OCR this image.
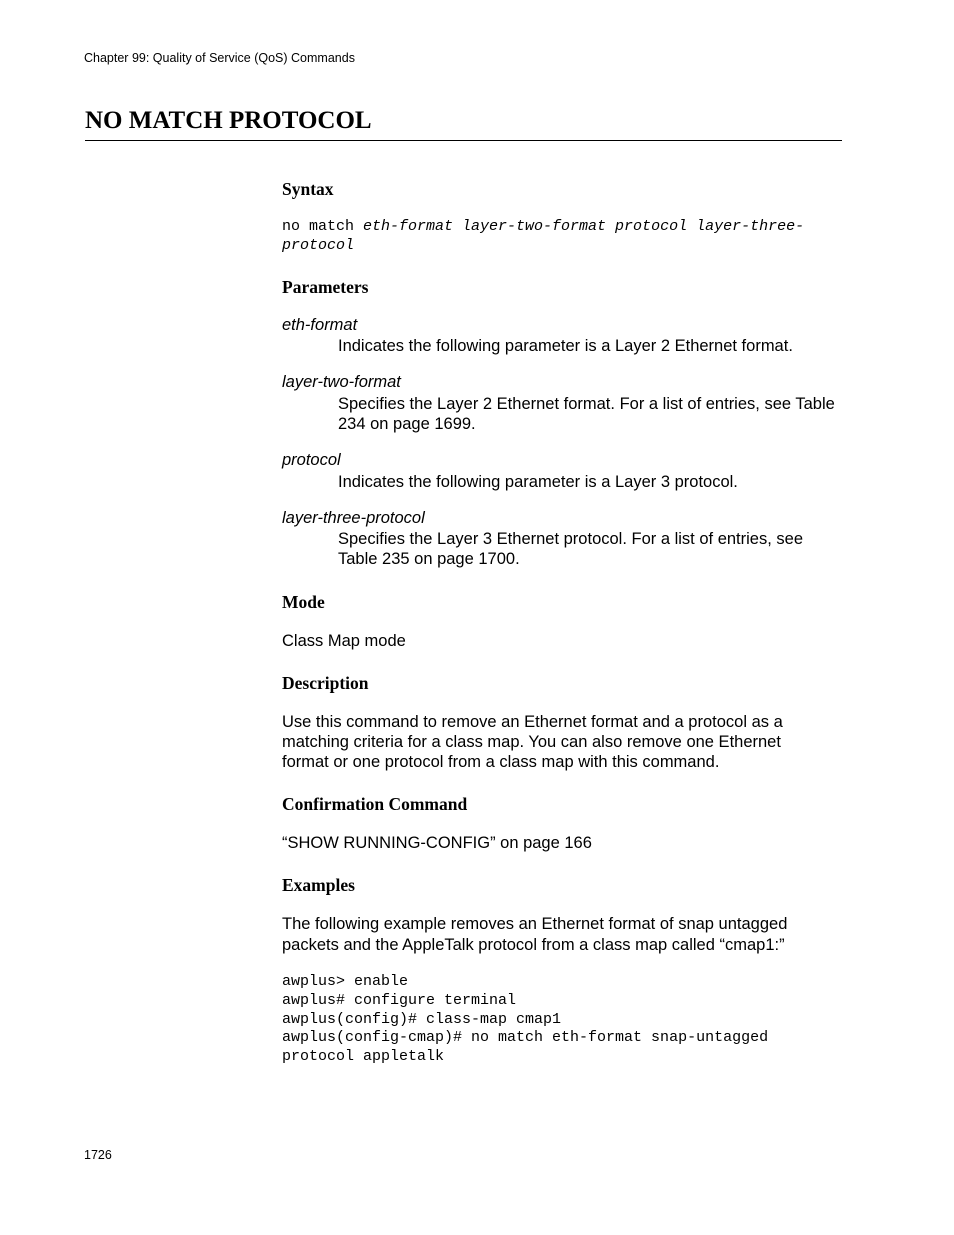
Chapter 99: Quality of Service (QoS) Commands
NO MATCH PROTOCOL
Syntax
no match eth-format layer-two-format protocol layer-three-
protocol
Parameters
eth-format
Indicates the following parameter is a Layer 2 Ethernet format.
layer-two-format
Specifies the Layer 2 Ethernet format. For a list of entries, see Table 234 on page 1699.
protocol
Indicates the following parameter is a Layer 3 protocol.
layer-three-protocol
Specifies the Layer 3 Ethernet protocol. For a list of entries, see Table 235 on page 1700.
Mode

Class Map mode

Description

Use this command to remove an Ethernet format and a protocol as a matching criteria for a class map. You can also remove one Ethernet format or one protocol from a class map with this command.

Confirmation Command

“SHOW RUNNING-CONFIG” on page 166

Examples

The following example removes an Ethernet format of snap untagged packets and the AppleTalk protocol from a class map called “cmap1:”

awplus> enable
awplus# configure terminal
awplus(config)# class-map cmap1
awplus(config-cmap)# no match eth-format snap-untagged
protocol appletalk
1726
